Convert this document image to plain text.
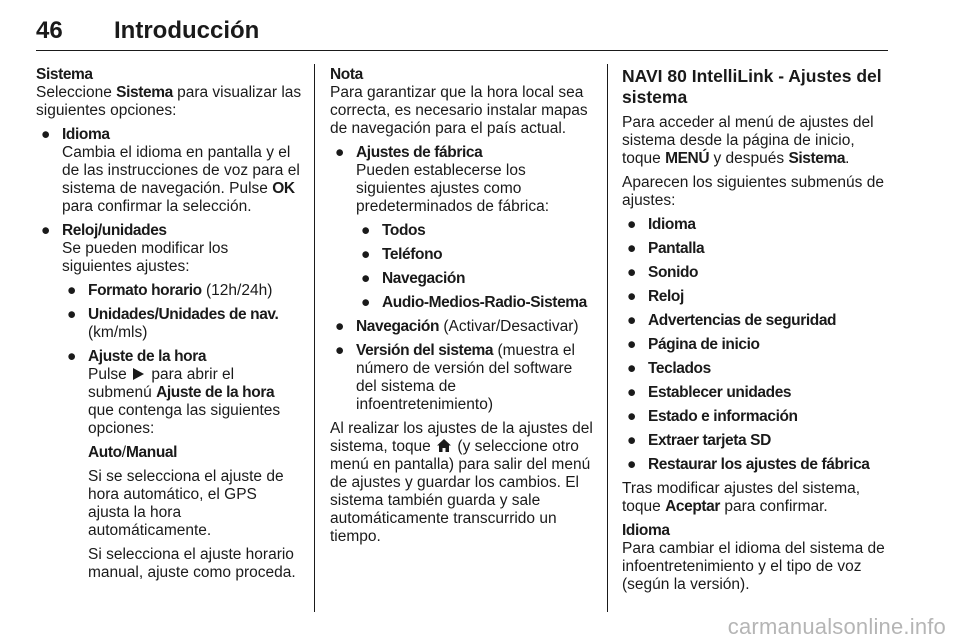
46 Introducción
Sistema
Seleccione Sistema para visualizar las siguientes opciones:
● Idioma
Cambia el idioma en pantalla y el de las instrucciones de voz para el sistema de navegación. Pulse OK para confirmar la selección.
● Reloj/unidades
Se pueden modificar los siguientes ajustes:
● Formato horario (12h/24h)
● Unidades/Unidades de nav.
(km/mls)
● Ajuste de la hora
Pulse  para abrir el submenú Ajuste de la hora que contenga las siguientes opciones:
Auto/Manual
Si se selecciona el ajuste de hora automático, el GPS ajusta la hora automáticamente.
Si selecciona el ajuste horario manual, ajuste como proceda.
Nota
Para garantizar que la hora local sea correcta, es necesario instalar mapas de navegación para el país actual.
● Ajustes de fábrica
Pueden establecerse los siguientes ajustes como predeterminados de fábrica:
● Todos
● Teléfono
● Navegación
● Audio-Medios-Radio-Sistema
● Navegación (Activar/Desactivar)
● Versión del sistema (muestra el número de versión del software del sistema de infoentretenimiento)
Al realizar los ajustes de la ajustes del sistema, toque  (y seleccione otro menú en pantalla) para salir del menú de ajustes y guardar los cambios. El sistema también guarda y sale automáticamente transcurrido un tiempo.
NAVI 80 IntelliLink - Ajustes del sistema
Para acceder al menú de ajustes del sistema desde la página de inicio, toque MENÚ y después Sistema.
Aparecen los siguientes submenús de ajustes:
● Idioma
● Pantalla
● Sonido
● Reloj
● Advertencias de seguridad
● Página de inicio
● Teclados
● Establecer unidades
● Estado e información
● Extraer tarjeta SD
● Restaurar los ajustes de fábrica
Tras modificar ajustes del sistema, toque Aceptar para confirmar.
Idioma
Para cambiar el idioma del sistema de infoentretenimiento y el tipo de voz (según la versión).
carmanualsonline.info
